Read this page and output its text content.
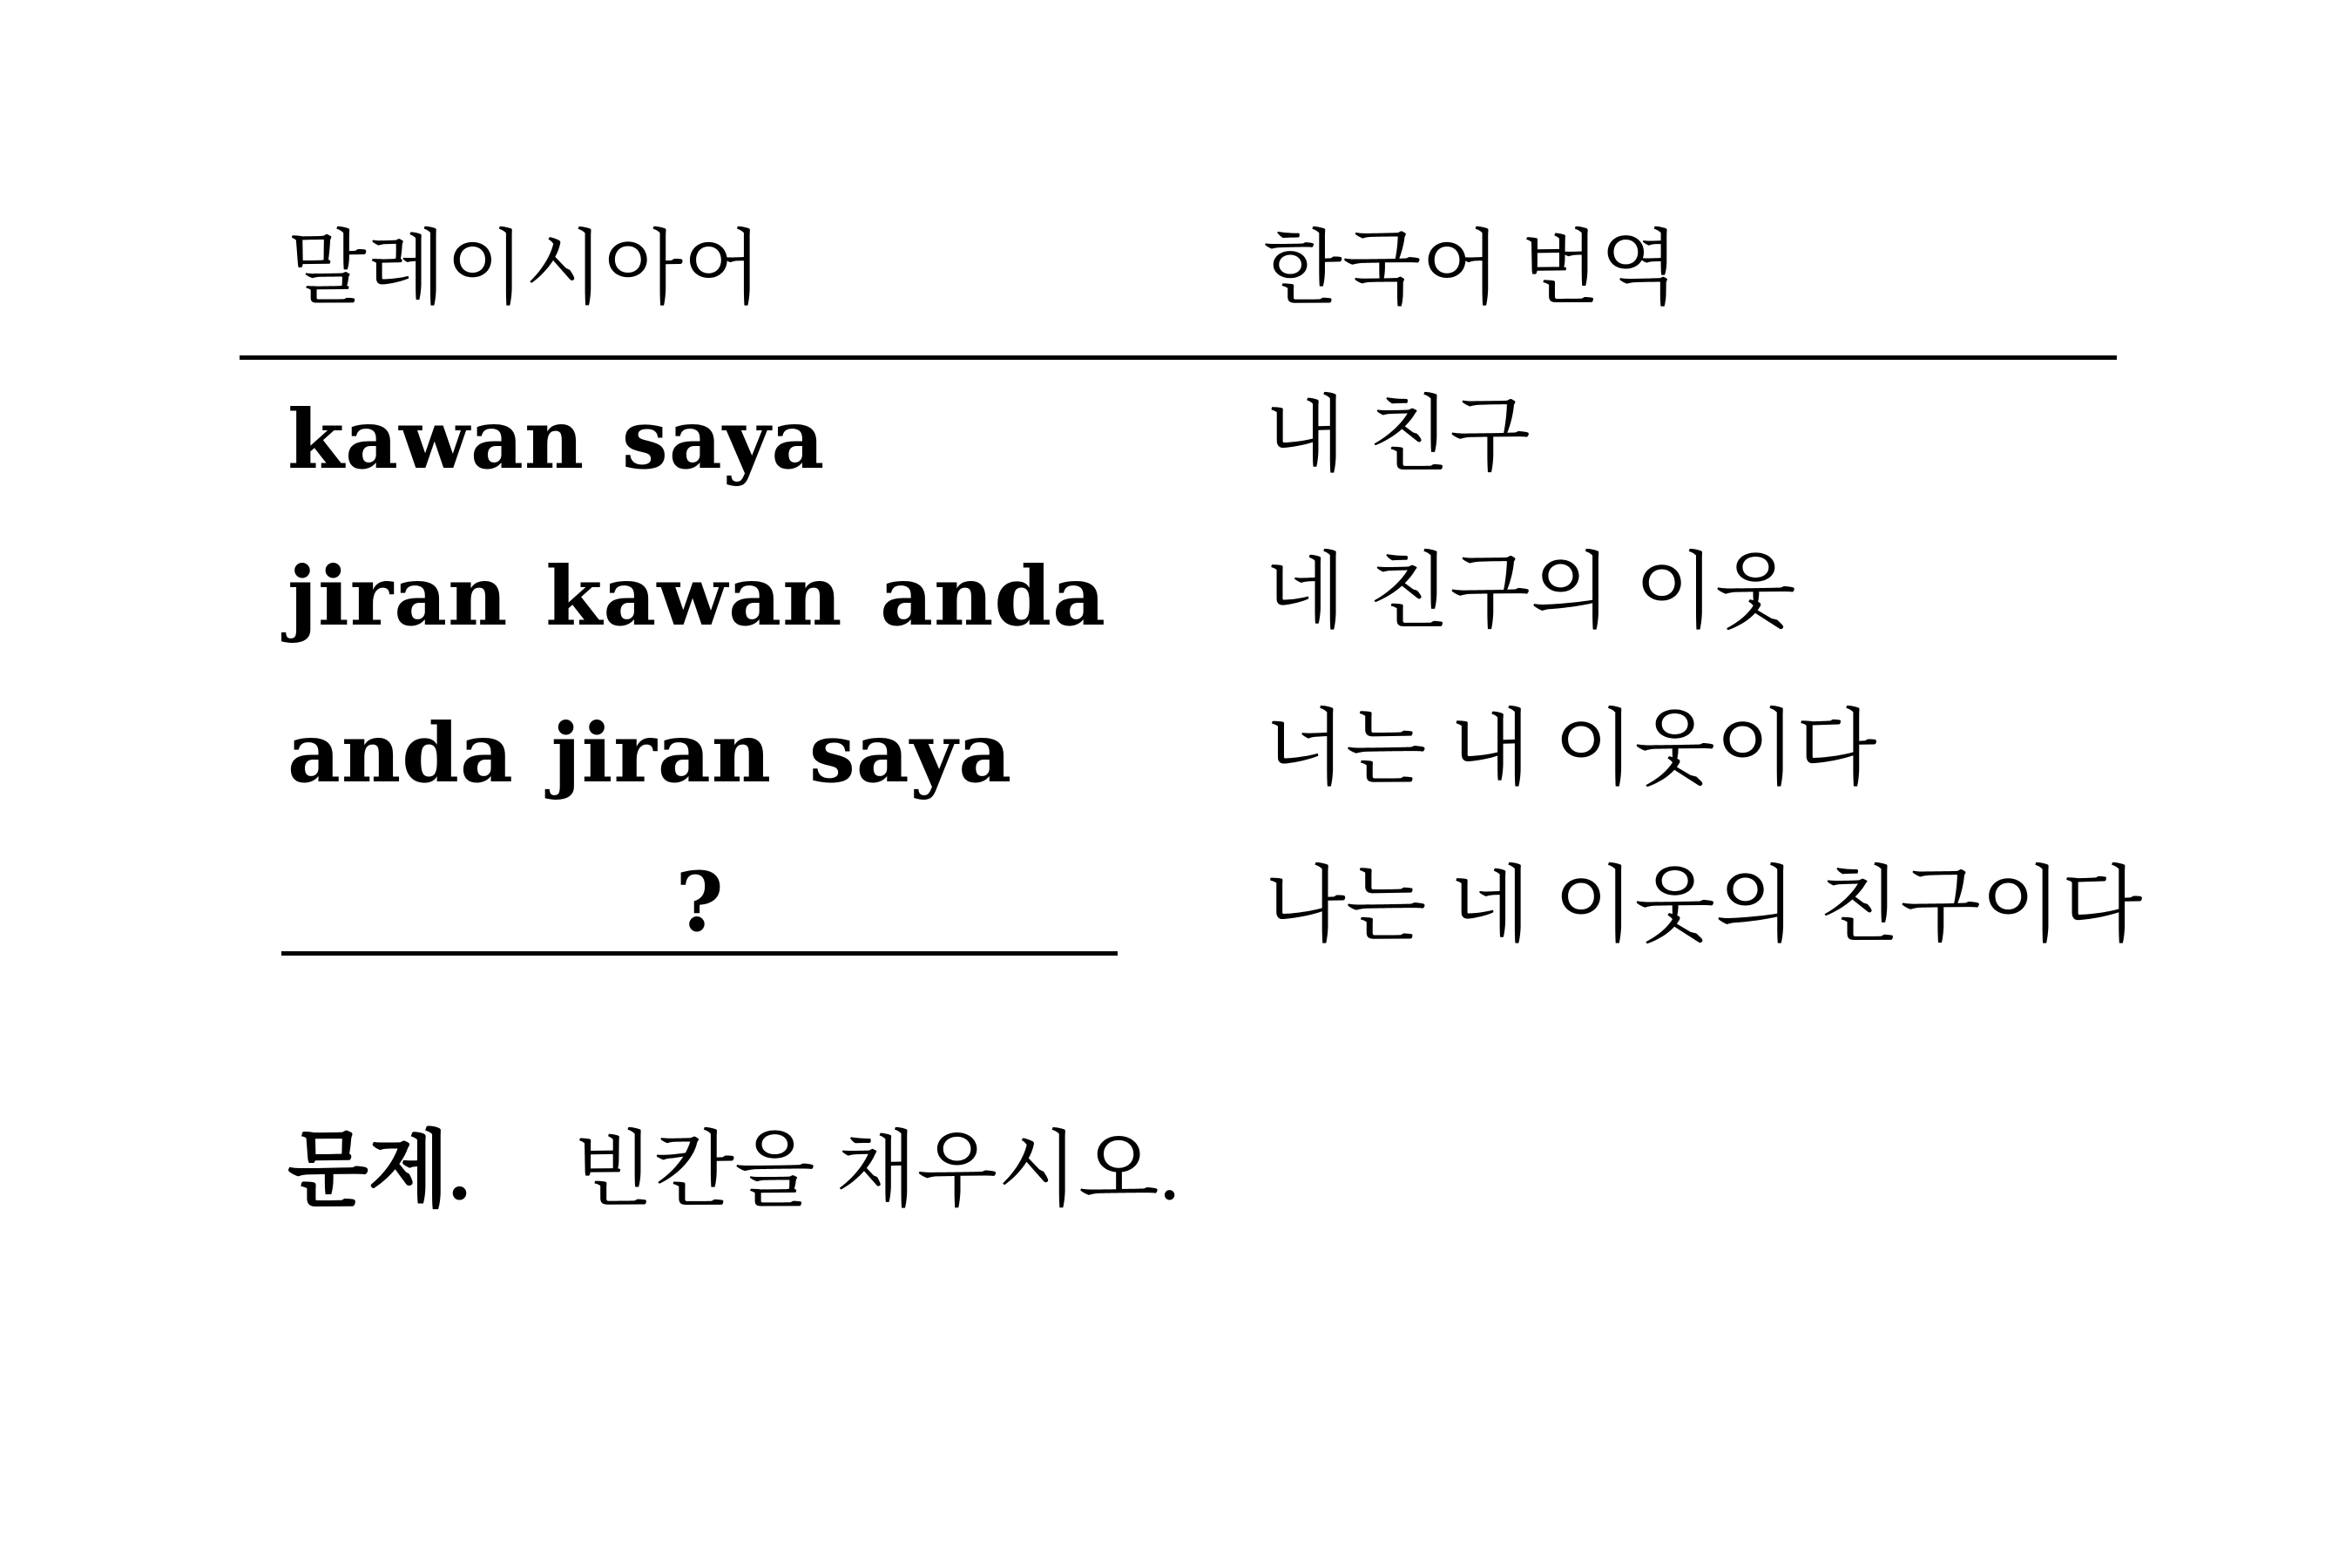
말레이시아어	한국어 번역
kawan saya	내 친구
jiran kawan anda 네 친구의 이웃
anda jiran saya	너는 내 이웃이다
?	나는 네 이웃의 친구이다
문제. 빈칸을 채우시오.
